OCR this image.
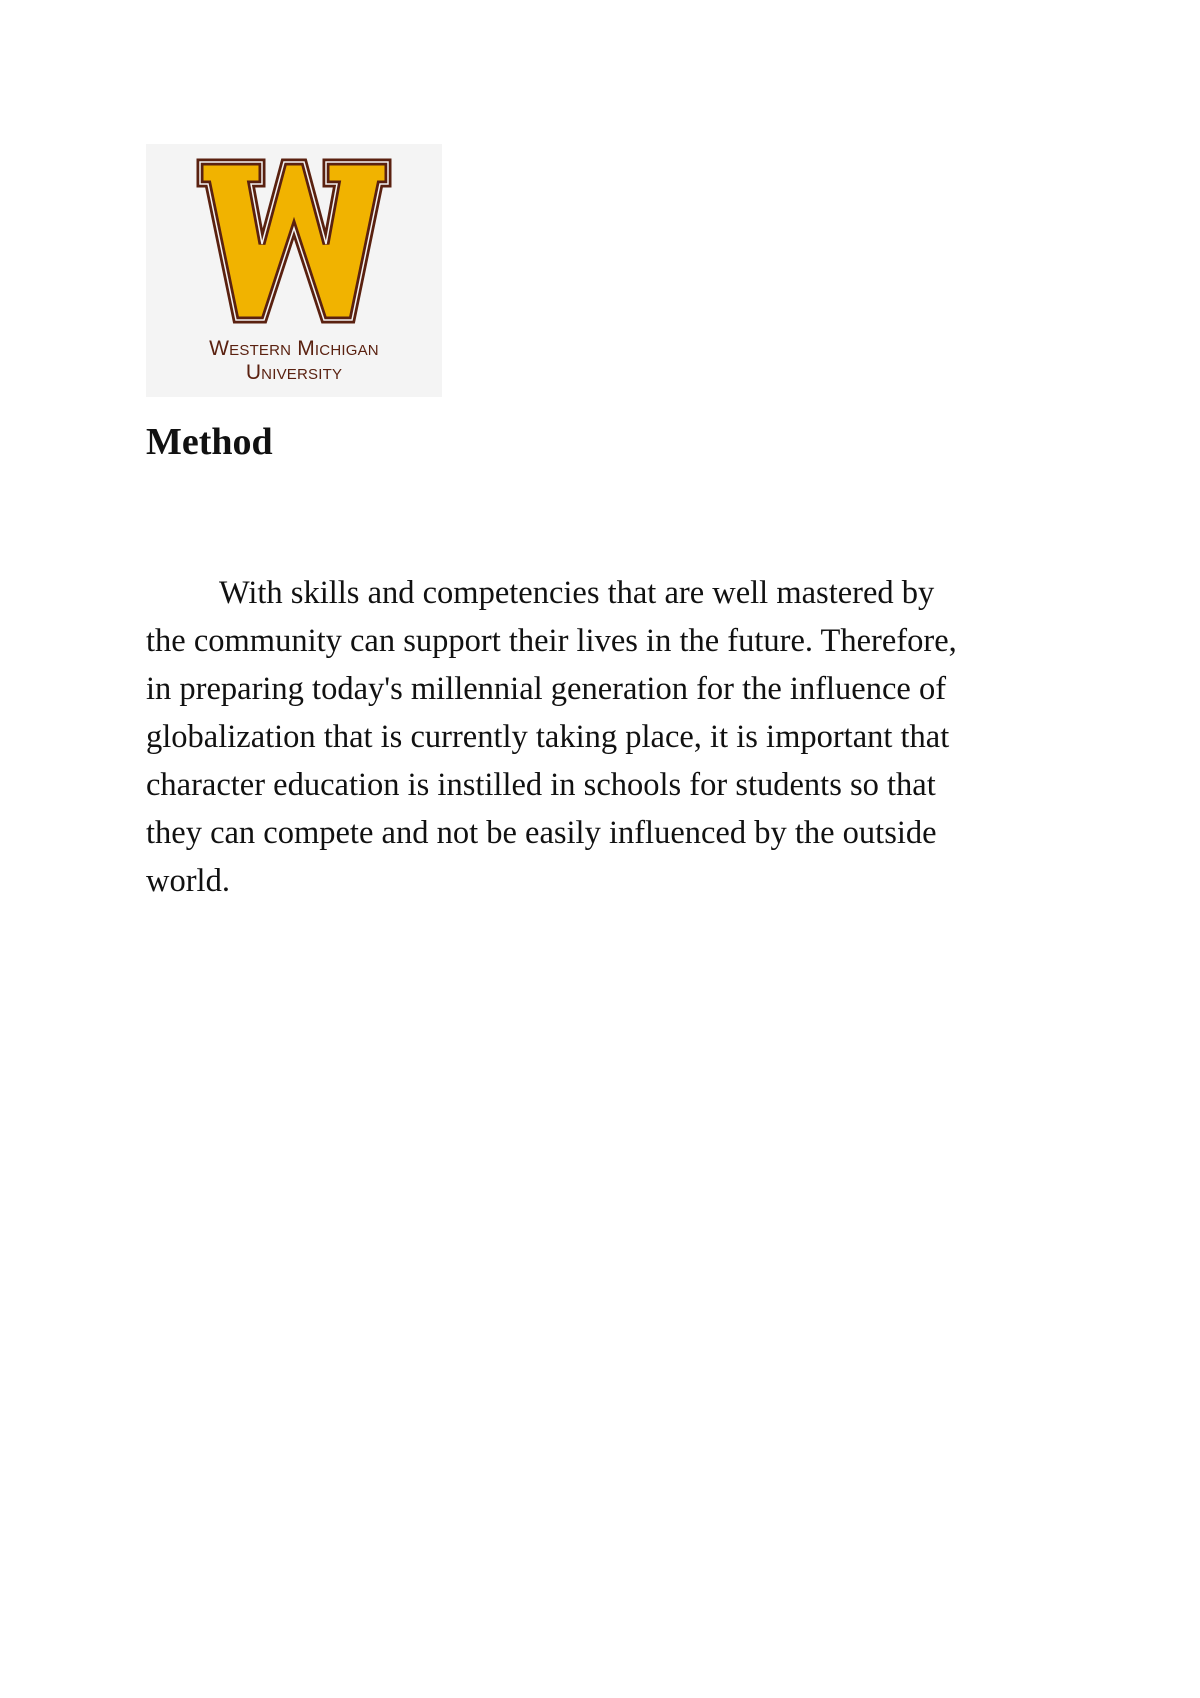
Western Michigan
University
Method

With skills and competencies that are well mastered by
the community can support their lives in the future. Therefore,
in preparing today's millennial generation for the influence of
globalization that is currently taking place, it is important that
character education is instilled in schools for students so that
they can compete and not be easily influenced by the outside
world.
